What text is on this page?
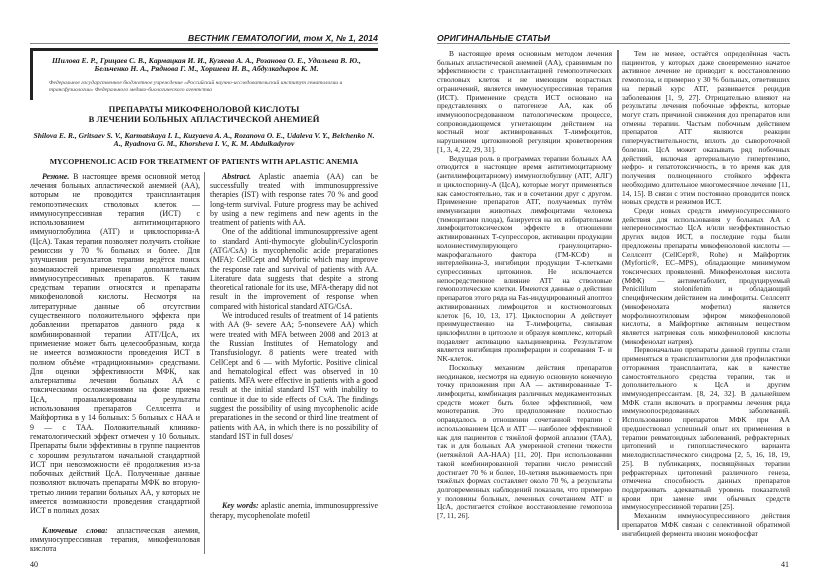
ВЕСТНИК ГЕМАТОЛОГИИ, том X, № 1, 2014
Шилова Е. Р., Грицаев С. В., Кармацкая И. И., Кузяева А. А., Розанова О. Е., Удальева В. Ю., Бельченко Н. А., Ряднова Г. М., Хоршева И. В., Абдулкадыров К. М.
Федеральное государственное бюджетное учреждение «Российский научно-исследовательский институт гематологии и трансфузиологии» Федерального медико-биологического агентства
ПРЕПАРАТЫ МИКОФЕНОЛОВОЙ КИСЛОТЫ
В ЛЕЧЕНИИ БОЛЬНЫХ АПЛАСТИЧЕСКОЙ АНЕМИЕЙ
Shilova E. R., Gritsaev S. V., Karmatskaya I. I., Kuzyaeva A. A., Rozanova O. E., Udaleva V. Y., Belchenko N. A., Ryadnova G. M., Khorsheva I. V., K. M. Abdulkadyrov
MYCOPHENOLIC ACID FOR TREATMENT OF PATIENTS WITH APLASTIC ANEMIA

Резюме. В настоящее время основной метод лечения больных апластической анемией (АА), которым не проводится трансплантация гемопоэтических стволовых клеток — иммуносупрессивная терапия (ИСТ) с использованием антитимоцитарного иммуноглобулина (АТГ) и циклоспорина-А (ЦсА). Такая терапия позволяет получить стойкие ремиссии у 70 % больных и более. Для улучшения результатов терапии ведётся поиск возможностей применения дополнительных иммуносупрессивных препаратов. К таким средствам терапии относятся и препараты микофеноловой кислоты. Несмотря на литературные данные об отсутствии существенного положительного эффекта при добавлении препаратов данного ряда к комбинированной терапии АТГ/ЦсА, их применение может быть целесообразным, когда не имеется возможности проведения ИСТ в полном объёме «традиционными» средствами. Для оценки эффективности МФК, как альтернативы лечении больных АА с токсическими осложнениями на фоне приема ЦсА, проанализированы результаты использования препаратов Селлсепта и Майфортика в у 14 больных: 5 больных с НАА и 9 — с ТАА. Положительный клинико-гематологический эффект отмечен у 10 больных. Препараты были эффективны в группе пациентов с хорошим результатом начальной стандартной ИСТ при невозможности её продолжения из-за побочных действий ЦсА. Полученные данные позволяют включать препараты МФК во вторую-третью линии терапии больных АА, у которых не имеется возможности проведения стандартной ИСТ в полных дозах

Ключевые слова: апластическая анемия, иммуносупрессивная терапия, микофеноловая кислота

Abstract. Aplastic anaemia (AA) can be successfully treated with immunosuppressive therapies (IST) with response rates 70 % and good long-term survival. Future progress may be achived by using a new regimens and new agents in the treatment of patients with AA.

One of the additional immunosuppressive agent to standard Anti-thymocyte globulin/Cyclosporin (ATG/CsA) is mycophenolic acide preparationes (MFA): CellCept and Myfortic which may improve the response rate and survival of patients with AA. Literature data suggests that despite a strong theoretical rationale for its use, MFA-therapy did not result in the improvement of response when compared with historical standard ATG/CsA.

We introduced results of treatment of 14 patients with AA (9- severe AA; 5-nonsevere AA) which were treated with MFA between 2008 and 2013 at the Russian Institutes of Hematology and Transfusiologyr. 8 patients were treated with CellCept and 6 — with Myfortic. Positive clinical and hematological effect was observed in 10 patients. MFA were effective in patients with a good result at the initial standard IST with inability to continue it due to side effects of CsA. The findings suggest the possibility of using mycophenolic acide preparationes in the second or third line treatment of patients with AA, in which there is no possibility of standard IST in full doses/

Key words: aplastic anemia, immunosuppressive therapy, mycophenolate mofetil

40
ОРИГИНАЛЬНЫЕ СТАТЬИ

В настоящее время основным методом лечения больных апластической анемией (АА), сравнимым по эффективности с трансплантацией гемопоэтических стволовых клеток и не имеющим возрастных ограничений, является иммуносупрессивная терапия (ИСТ). Применение средств ИСТ основано на представлениях о патогенезе АА, как об иммуноопосредованном патологическом процессе, сопровождающемся угнетающим действием на костный мозг активированных Т-лимфоцитов, нарушением цитокиновой регуляции кроветворения [1, 3, 4, 22, 29, 31].

Ведущая роль в программах терапии больных АА отводится в настоящее время антитимоцитарному (антилимфоцитарному) иммуноглобулину (АТГ, АЛГ) и циклоспорину-А (ЦсА), которые могут применяться как самостоятельно, так и в сочетании друг с другом. Применение препаратов АТГ, получаемых путём иммунизации животных лимфоцитами человека (тимоцитами плода), базируется на их избирательном лимфоцитотоксическом эффекте в отношении активированных Т-супрессоров, активации продукции колониестимулирующего гранулоцитарно-макрофагального фактора (ГМ-КСФ) и интерлейкина-3, ингибиции продукции Т-клетками супрессивных цитокинов. Не исключается непосредственное влияние АТГ на стволовые гемопоэтические клетки. Имеются данные о действии препаратов этого ряда на Fas-индуцированный апоптоз активированных лимфоцитов и костномозговых клеток [6, 10, 13, 17]. Циклоспорин А действует преимущественно на Т-лимфоциты, связывая циклофиллин в цитозоле и образуя комплекс, который подавляет активацию кальциневрина. Результатом является ингибиция пролиферации и созревания Т- и NK-клеток.

Поскольку механизм действия препаратов неодинаков, несмотря на единую основную конечную точку приложения при АА — активированные Т-лимфоциты, комбинация различных медикаментозных средств может быть более эффективной, чем монотерапия. Это предположение полностью оправдалось в отношении сочетанной терапии с использованием ЦсА и АТГ — наиболее эффективной как для пациентов с тяжёлой формой аплазии (ТАА), так и для больных АА умеренной степени тяжести (нетяжёлой АА-НАА) [11, 20]. При использовании такой комбинированной терапии число ремиссий достигает 70 % и более, 10-летняя выживаемость при тяжёлых формах составляет около 70 %, а результаты долговременных наблюдений показали, что примерно у половины больных, леченных сочетанием АТГ и ЦсА, достигается стойкое восстановление гемопоэза [7, 11, 26].

Тем не менее, остаётся определённая часть пациентов, у которых даже своевременно начатое активное лечение не приводит к восстановлению гемопоэза, и примерно у 30 % больных, ответивших на первый курс АТГ, развивается рецидив заболевания [1, 9, 27]. Отрицательно влияют на результаты лечения побочные эффекты, которые могут стать причиной снижения доз препаратов или отмены терапии. Частым побочным действием препаратов АТГ являются реакции гиперчувствительности, вплоть до сывороточной болезни. ЦсА может оказывать ряд побочных действий, включая артериальную гипертензию, нефро- и гепатотоксичность, в то время как для получения полноценного стойкого эффекта необходимо длительное многомесячное лечение [11, 14, 15]. В связи с этим постоянно проводится поиск новых средств и режимов ИСТ.

Среди новых средств иммуносупрессивного действия для использования у больных АА с непереносимостью ЦсА и/или неэффективностью других видов ИСТ, в последние годы были предложены препараты микофеноловой кислоты — Селлсепт (CellCept®, Rohe) и Майфортик (Myfortic®, EC–MPS), обладающие минимумом токсических проявлений. Микофеноловая кислота (МФК) — антиметаболит, продуцируемый Penicililum stolonifenim и обладающий специфическим действием на лимфоциты. Селлсепт (микофенолата мофетил) является морфолиноэтиловым эфиром микофеноловой кислоты, в Майфортике активным веществом является натриевая соль микофеноловой кислоты (микофенолат натрия).

Первоначально препараты данной группы стали применяться в трансплантологии для профилактики отторжения трансплантата, как в качестве самостоятельного средства терапии, так и дополнительного к ЦсА и другим иммунодепрессантам. [8, 24, 32]. В дальнейшем МФК стали включать в программы лечения ряда иммуноопосредованных заболеваний. Использованию препаратов МФК при АА предшествовал успешный опыт их применения в терапии ревматоидных заболеваний, рефрактерных цитопений и гипопластического варианта миелодиспластического синдрома [2, 5, 16, 18, 19, 25]. В публикациях, посвящённых терапии рефрактерных цитопений различного генеза, отмечена способность данных препаратов поддерживать адекватный уровень показателей крови при замене ими обычных средств иммуносупрессивной терапии [25].

Механизм иммуносупрессивного действия препаратов МФК связан с селективной обратимой ингибицией фермента инозин монофосфат

41
